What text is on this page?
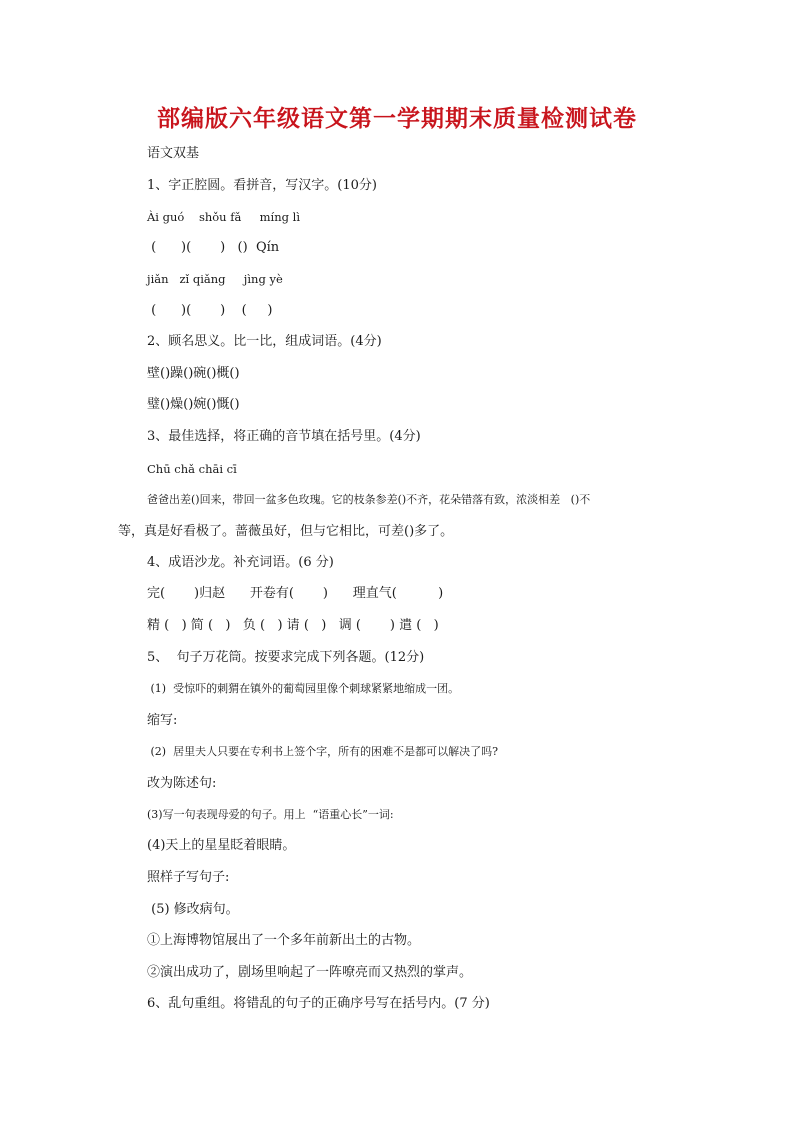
部编版六年级语文第一学期期末质量检测试卷
语文双基
1、字正腔圆。看拼音，写汉字。(10分)
Ài guó    shǒu fǎ     míng lì
(      )(       )   ()  Qín
jiǎn   zǐ qiǎng     jìng yè
(      )(       )    (     )
2、顾名思义。比一比，组成词语。(4分)
壁()躁()碗()概()
璧()燥()婉()慨()
3、最佳选择，将正确的音节填在括号里。(4分)
Chū chǎ chāi cī
爸爸出差()回来，带回一盆多色玫瑰。它的枝条参差()不齐，花朵错落有致，浓淡相差   ()不
等，真是好看极了。蔷薇虽好，但与它相比，可差()多了。
4、成语沙龙。补充词语。(6 分)
完(       )归赵      开卷有(       )      理直气(          )
精 (   ) 简 (   )   负 (   ) 请 (   )   调 (       ) 遣 (   )
5、  句子万花筒。按要求完成下列各题。(12分)
(1)  受惊吓的刺猬在镇外的葡萄园里像个刺球紧紧地缩成一团。
缩写:
(2)  居里夫人只要在专利书上签个字，所有的困难不是都可以解决了吗?
改为陈述句:
(3)写一句表现母爱的句子。用上  “语重心长”一词:
(4)天上的星星眨着眼睛。
照样子写句子:
(5) 修改病句。
①上海博物馆展出了一个多年前新出土的古物。
②演出成功了，剧场里响起了一阵嘹亮而又热烈的掌声。
6、乱句重组。将错乱的句子的正确序号写在括号内。(7 分)
